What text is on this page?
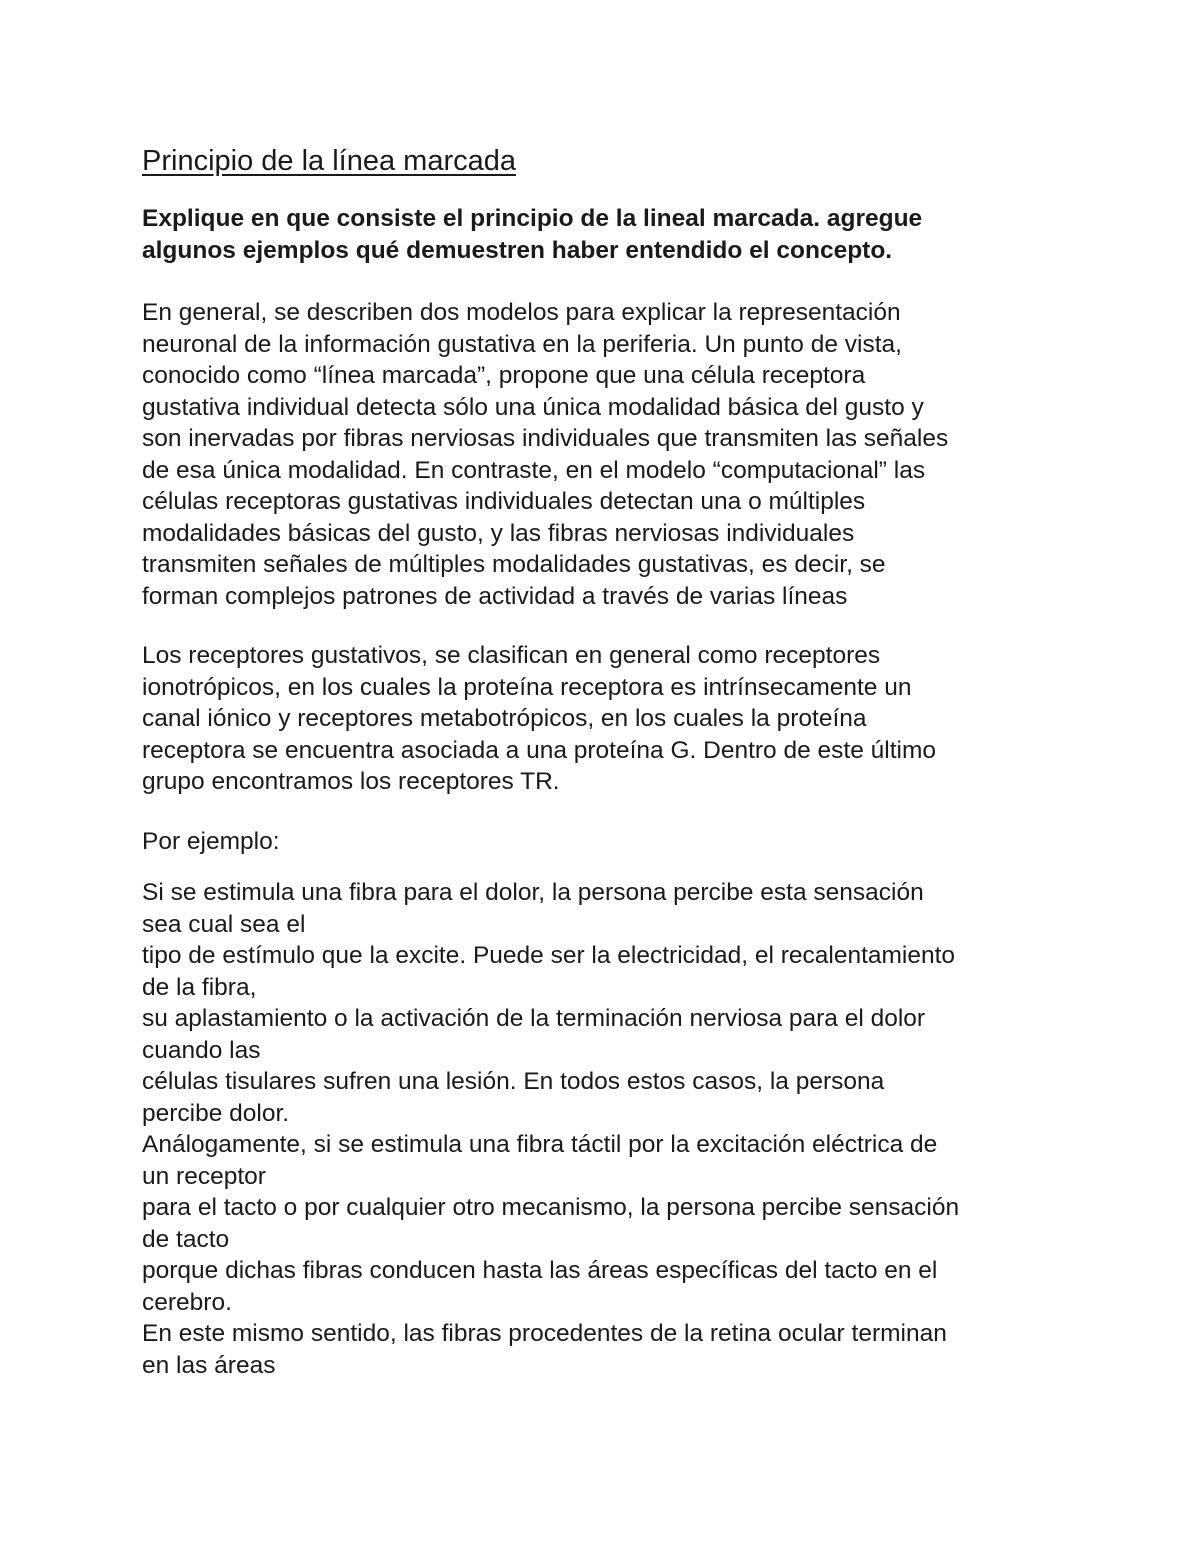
Principio de la línea marcada
Explique en que consiste el principio de la lineal marcada. agregue
algunos ejemplos qué demuestren haber entendido el concepto.
En general, se describen dos modelos para explicar la representación
neuronal de la información gustativa en la periferia. Un punto de vista,
conocido como “línea marcada”, propone que una célula receptora
gustativa individual detecta sólo una única modalidad básica del gusto y
son inervadas por fibras nerviosas individuales que transmiten las señales
de esa única modalidad. En contraste, en el modelo “computacional” las
células receptoras gustativas individuales detectan una o múltiples
modalidades básicas del gusto, y las fibras nerviosas individuales
transmiten señales de múltiples modalidades gustativas, es decir, se
forman complejos patrones de actividad a través de varias líneas
Los receptores gustativos, se clasifican en general como receptores
ionotrópicos, en los cuales la proteína receptora es intrínsecamente un
canal iónico y receptores metabotrópicos, en los cuales la proteína
receptora se encuentra asociada a una proteína G. Dentro de este último
grupo encontramos los receptores TR.
Por ejemplo:
Si se estimula una fibra para el dolor, la persona percibe esta sensación
sea cual sea el
tipo de estímulo que la excite. Puede ser la electricidad, el recalentamiento
de la fibra,
su aplastamiento o la activación de la terminación nerviosa para el dolor
cuando las
células tisulares sufren una lesión. En todos estos casos, la persona
percibe dolor.
Análogamente, si se estimula una fibra táctil por la excitación eléctrica de
un receptor
para el tacto o por cualquier otro mecanismo, la persona percibe sensación
de tacto
porque dichas fibras conducen hasta las áreas específicas del tacto en el
cerebro.
En este mismo sentido, las fibras procedentes de la retina ocular terminan
en las áreas
